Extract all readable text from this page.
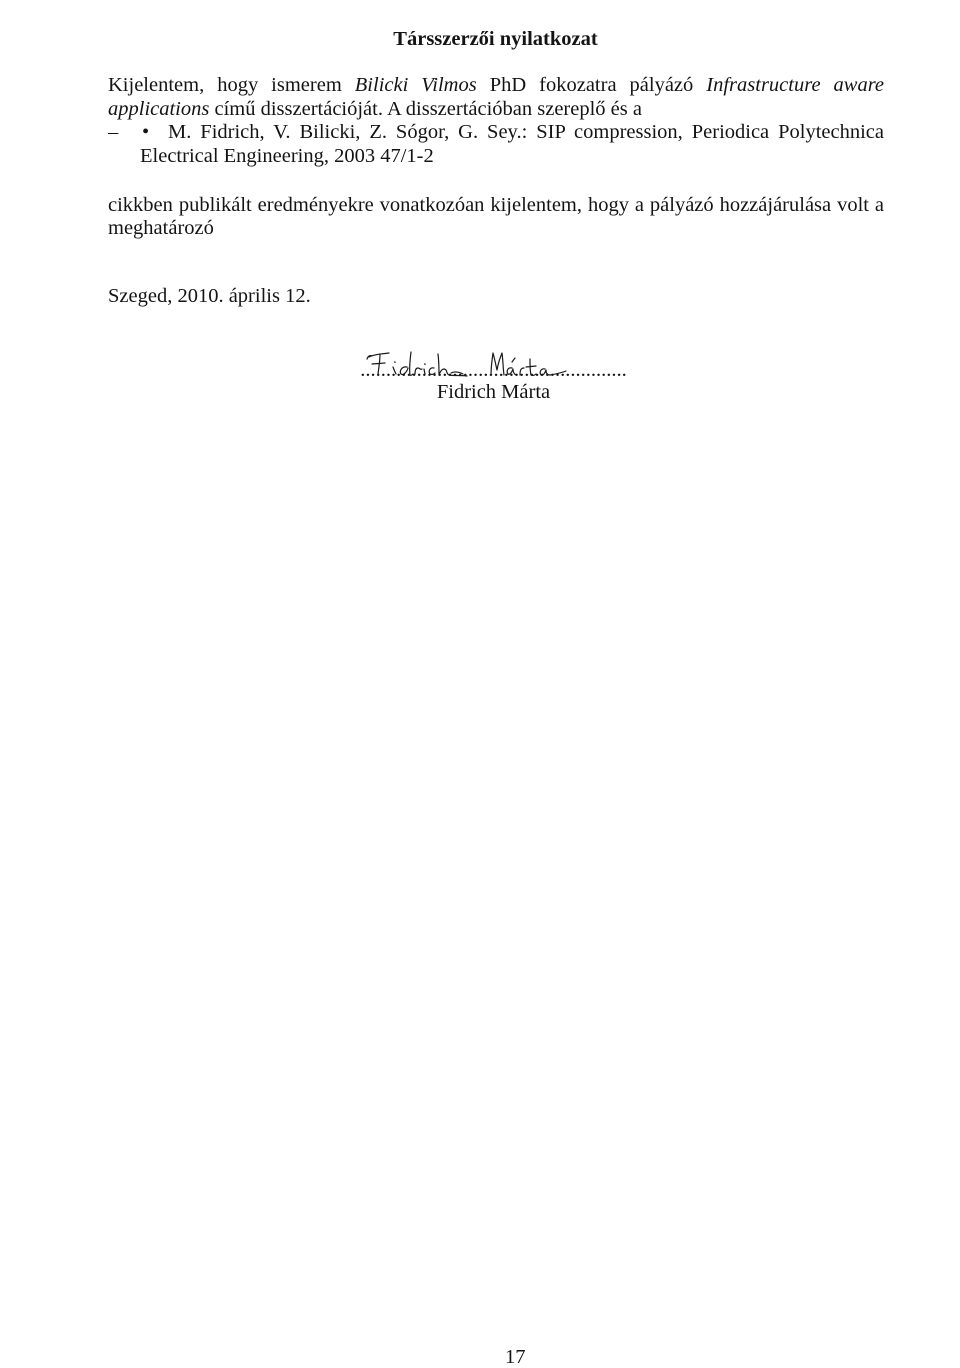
Társszerzői nyilatkozat
Kijelentem, hogy ismerem Bilicki Vilmos PhD fokozatra pályázó Infrastructure aware
applications című disszertációját. A disszertációban szereplő és a
– • M. Fidrich, V. Bilicki, Z. Sógor, G. Sey.: SIP compression, Periodica Polytechnica
Electrical Engineering, 2003 47/1-2
cikkben publikált eredményekre vonatkozóan kijelentem, hogy a pályázó hozzájárulása volt a
meghatározó
Szeged, 2010. április 12.
....................................................
Fidrich Márta
17
